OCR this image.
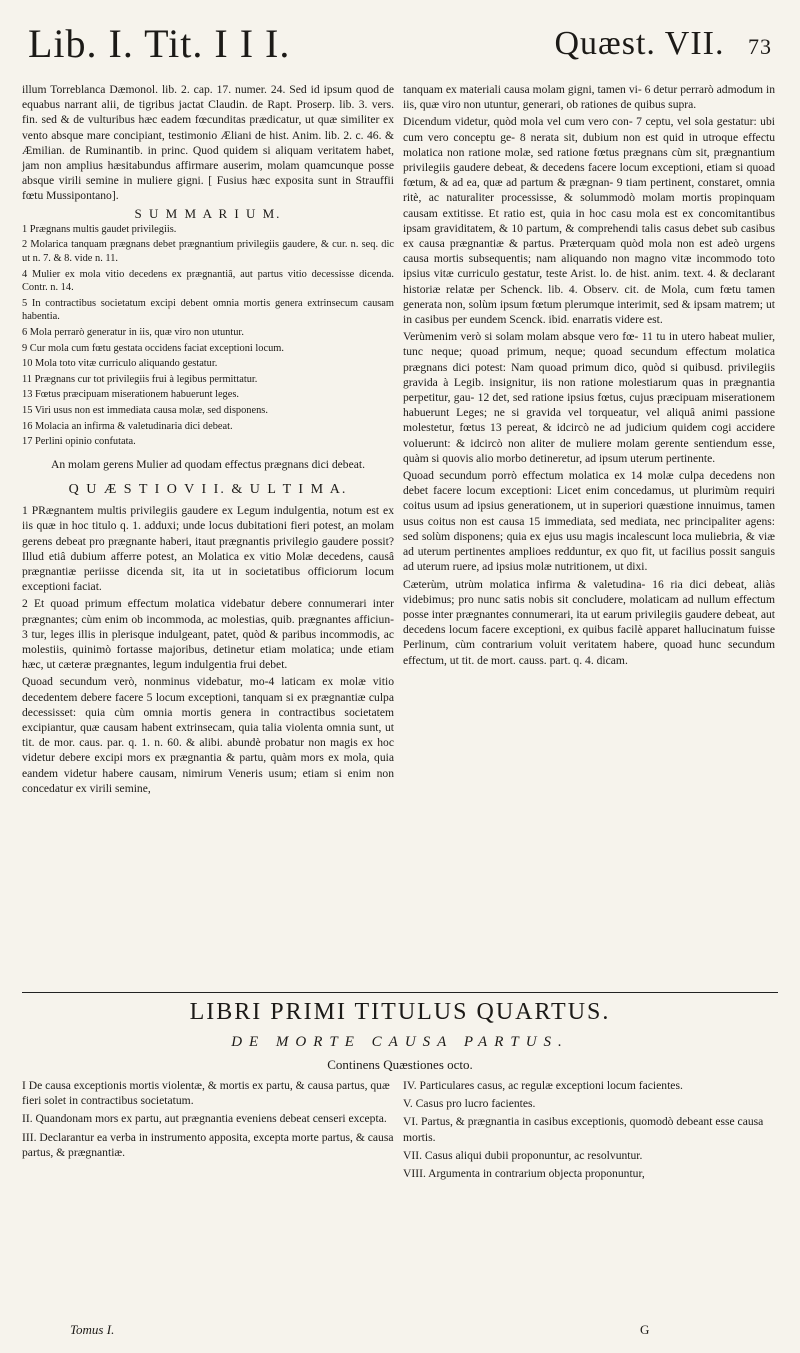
Lib. I. Tit. I I I.	Quæst. VII. 73

illum Torreblanca Dæmonol. lib. 2. cap. 17. numer. 24. Sed id ipsum quod de equabus narrant alii, de tigribus jactat Claudin. de Rapt. Proserp. lib. 3. vers. fin. sed & de vulturibus hæc eadem fœcunditas prædicatur, ut quæ similiter ex vento absque mare concipiant, testimonio Æliani de hist. Anim. lib. 2. c. 46. & Æmilian. de Ruminantib. in princ. Quod quidem si aliquam veritatem habet, jam non amplius hæsitabundus affirmare auserim, molam quamcunque posse absque virili semine in muliere gigni. [ Fusius hæc exposita sunt in Strauffii fœtu Mussipontano].

S U M M A R I U M.

1 Prægnans multis gaudet privilegiis.

2 Molarica tanquam prægnans debet prægnantium privilegiis gaudere, & cur. n. seq. dic ut n. 7. & 8. vide n. 11.

4 Mulier ex mola vitio decedens ex prægnantiâ, aut partus vitio decessisse dicenda. Contr. n. 14.

5 In contractibus societatum excipi debent omnia mortis genera extrinsecum causam habentia.

6 Mola perrarò generatur in iis, quæ viro non utuntur.

9 Cur mola cum fœtu gestata occidens faciat exceptioni locum.

10 Mola toto vitæ curriculo aliquando gestatur.

11 Prægnans cur tot privilegiis frui à legibus permittatur.

13 Fœtus præcipuam miserationem habuerunt leges.

15 Viri usus non est immediata causa molæ, sed disponens.

16 Molacia an infirma & valetudinaria dici debeat.

17 Perlini opinio confutata.

An molam gerens Mulier ad quodam effectus prægnans dici debeat.

Q U Æ S T I O V I I. & U L T I M A.

1 PRægnantem multis privilegiis gaudere ex Legum indulgentia, notum est ex iis quæ in hoc titulo q. 1. adduxi; unde locus dubitationi fieri potest, an molam gerens debeat pro prægnante haberi, itaut prægnantis privilegio gaudere possit? Illud etiâ dubium afferre potest, an Molatica ex vitio Molæ decedens, causâ prægnantiæ periisse dicenda sit, ita ut in societatibus officiorum locum exceptioni faciat.

2 Et quoad primum effectum molatica videbatur debere connumerari inter prægnantes; cùm enim ob incommoda, ac molestias, quib. prægnantes afficiun-3 tur, leges illis in plerisque indulgeant, patet, quòd & paribus incommodis, ac molestiis, quinimò fortasse majoribus, detinetur etiam molatica; unde etiam hæc, ut cæteræ prægnantes, legum indulgentia frui debet.

Quoad secundum verò, nonminus videbatur, mo-4 laticam ex molæ vitio decedentem debere facere 5 locum exceptioni, tanquam si ex prægnantiæ culpa decessisset: quia cùm omnia mortis genera in contractibus societatem excipiantur, quæ causam habent extrinsecam, quia talia violenta omnia sunt, ut tit. de mor. caus. par. q. 1. n. 60. & alibi. abundè probatur non magis ex hoc videtur debere excipi mors ex prægnantia & partu, quàm mors ex mola, quia eandem videtur habere causam, nimirum Veneris usum; etiam si enim non concedatur ex virili semine,

tanquam ex materiali causa molam gigni, tamen vi- 6 detur perrarò admodum in iis, quæ viro non utuntur, generari, ob rationes de quibus supra.

Dicendum videtur, quòd mola vel cum vero con- 7 ceptu, vel sola gestatur: ubi cum vero conceptu ge- 8 nerata sit, dubium non est quid in utroque effectu molatica non ratione molæ, sed ratione fœtus prægnans cùm sit, prægnantium privilegiis gaudere debeat, & decedens facere locum exceptioni, etiam si quoad fœtum, & ad ea, quæ ad partum & prægnan- 9 tiam pertinent, constaret, omnia ritè, ac naturaliter processisse, & solummodò molam mortis propinquam causam extitisse. Et ratio est, quia in hoc casu mola est ex concomitantibus ipsam graviditatem, & 10 partum, & comprehendi talis casus debet sub casibus ex causa prægnantiæ & partus. Præterquam quòd mola non est adeò urgens causa mortis subsequentis; nam aliquando non magno vitæ incommodo toto ipsius vitæ curriculo gestatur, teste Arist. lo. de hist. anim. text. 4. & declarant historiæ relatæ per Schenck. lib. 4. Observ. cit. de Mola, cum fœtu tamen generata non, solùm ipsum fœtum plerumque interimit, sed & ipsam matrem; ut in casibus per eundem Scenck. ibid. enarratis videre est.

Verùmenim verò si solam molam absque vero fœ- 11 tu in utero habeat mulier, tunc neque; quoad primum, neque; quoad secundum effectum molatica prægnans dici potest: Nam quoad primum dico, quòd si quibusd. privilegiis gravida à Legib. insignitur, iis non ratione molestiarum quas in prægnantia perpetitur, gau- 12 det, sed ratione ipsius fœtus, cujus præcipuam miserationem habuerunt Leges; ne si gravida vel torqueatur, vel aliquâ animi passione molestetur, fœtus 13 pereat, & idcircò ne ad judicium quidem cogi accidere voluerunt: & idcircò non aliter de muliere molam gerente sentiendum esse, quàm si quovis alio morbo detineretur, ad ipsum uterum pertinente.

Quoad secundum porrò effectum molatica ex 14 molæ culpa decedens non debet facere locum exceptioni: Licet enim concedamus, ut plurimùm requiri coitus usum ad ipsius generationem, ut in superiori quæstione innuimus, tamen usus coitus non est causa 15 immediata, sed mediata, nec principaliter agens: sed solùm disponens; quia ex ejus usu magis incalescunt loca muliebria, & viæ ad uterum pertinentes amplioes redduntur, ex quo fit, ut facilius possit sanguis ad uterum ruere, ad ipsius molæ nutritionem, ut dixi.

Cæterùm, utrùm molatica infirma & valetudina- 16 ria dici debeat, aliàs videbimus; pro nunc satis nobis sit concludere, molaticam ad nullum effectum posse inter prægnantes connumerari, ita ut earum privilegiis gaudere debeat, aut decedens locum facere exceptioni, ex quibus facilè apparet hallucinatum fuisse Perlinum, cùm contrarium voluit veritatem habere, quoad hunc secundum effectum, ut tit. de mort. causs. part. q. 4. dicam.

LIBRI PRIMI TITULUS QUARTUS.
DE MORTE CAUSA PARTUS.
Continens Quæstiones octo.

I De causa exceptionis mortis violentæ, & mortis ex partu, & causa partus, quæ fieri solet in contractibus societatum.

II. Quandonam mors ex partu, aut prægnantia eveniens debeat censeri excepta.

III. Declarantur ea verba in instrumento apposita, excepta morte partus, & causa partus, & prægnantiæ.

IV. Particulares casus, ac regulæ exceptioni locum facientes.

V. Casus pro lucro facientes.

VI. Partus, & prægnantia in casibus exceptionis, quomodò debeant esse causa mortis.

VII. Casus aliqui dubii proponuntur, ac resolvuntur.

VIII. Argumenta in contrarium objecta proponuntur,

Tomus I.	G
